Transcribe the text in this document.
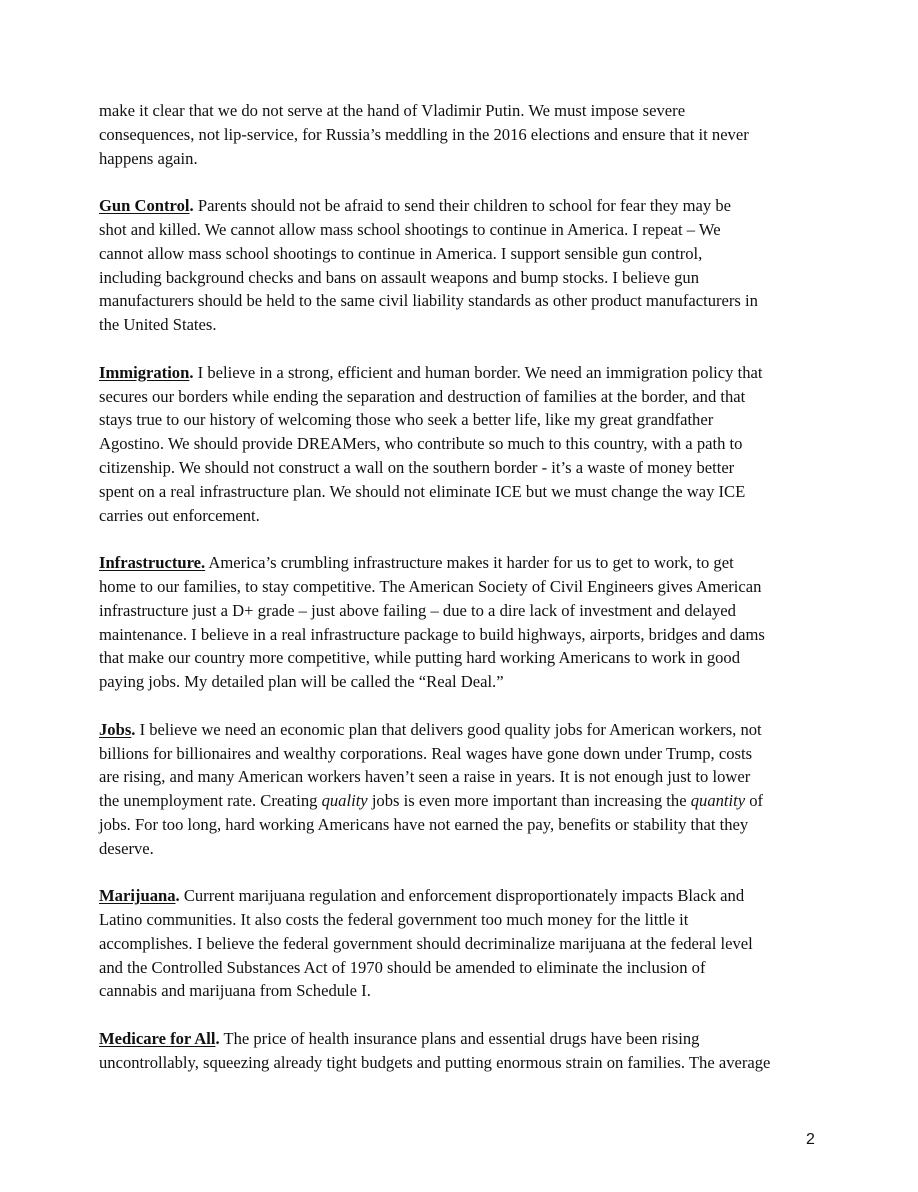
make it clear that we do not serve at the hand of Vladimir Putin. We must impose severe
consequences, not lip-service, for Russia’s meddling in the 2016 elections and ensure that it never
happens again.

Gun Control. Parents should not be afraid to send their children to school for fear they may be
shot and killed. We cannot allow mass school shootings to continue in America. I repeat – We
cannot allow mass school shootings to continue in America. I support sensible gun control,
including background checks and bans on assault weapons and bump stocks. I believe gun
manufacturers should be held to the same civil liability standards as other product manufacturers in
the United States.

Immigration. I believe in a strong, efficient and human border. We need an immigration policy that
secures our borders while ending the separation and destruction of families at the border, and that
stays true to our history of welcoming those who seek a better life, like my great grandfather
Agostino. We should provide DREAMers, who contribute so much to this country, with a path to
citizenship. We should not construct a wall on the southern border - it’s a waste of money better
spent on a real infrastructure plan. We should not eliminate ICE but we must change the way ICE
carries out enforcement.

Infrastructure. America’s crumbling infrastructure makes it harder for us to get to work, to get
home to our families, to stay competitive. The American Society of Civil Engineers gives American
infrastructure just a D+ grade – just above failing – due to a dire lack of investment and delayed
maintenance. I believe in a real infrastructure package to build highways, airports, bridges and dams
that make our country more competitive, while putting hard working Americans to work in good
paying jobs. My detailed plan will be called the “Real Deal.”

Jobs. I believe we need an economic plan that delivers good quality jobs for American workers, not
billions for billionaires and wealthy corporations. Real wages have gone down under Trump, costs
are rising, and many American workers haven’t seen a raise in years. It is not enough just to lower
the unemployment rate. Creating quality jobs is even more important than increasing the quantity of
jobs. For too long, hard working Americans have not earned the pay, benefits or stability that they
deserve.

Marijuana. Current marijuana regulation and enforcement disproportionately impacts Black and
Latino communities. It also costs the federal government too much money for the little it
accomplishes. I believe the federal government should decriminalize marijuana at the federal level
and the Controlled Substances Act of 1970 should be amended to eliminate the inclusion of
cannabis and marijuana from Schedule I.

Medicare for All. The price of health insurance plans and essential drugs have been rising
uncontrollably, squeezing already tight budgets and putting enormous strain on families. The average

2
